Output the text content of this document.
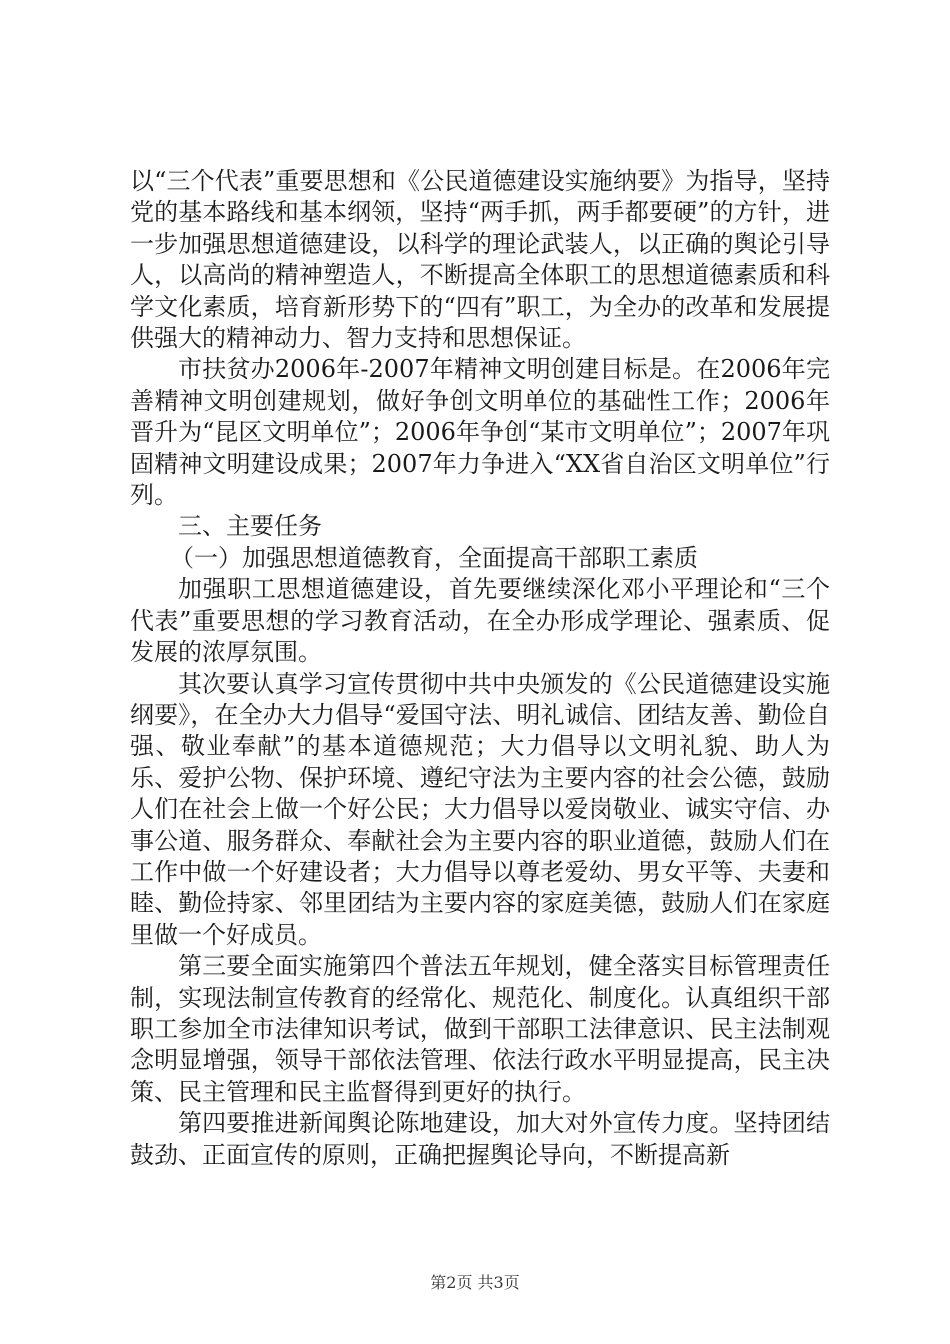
以“三个代表”重要思想和《公民道德建设实施纳要》为指导，坚持党的基本路线和基本纲领，坚持“两手抓，两手都要硬”的方针，进一步加强思想道德建设，以科学的理论武装人，以正确的舆论引导人，以高尚的精神塑造人，不断提高全体职工的思想道德素质和科学文化素质，培育新形势下的“四有”职工，为全办的改革和发展提供强大的精神动力、智力支持和思想保证。

市扶贫办2006年-2007年精神文明创建目标是。在2006年完善精神文明创建规划，做好争创文明单位的基础性工作；2006年晋升为“昆区文明单位”；2006年争创“某市文明单位”；2007年巩固精神文明建设成果；2007年力争进入“XX省自治区文明单位”行列。

三、主要任务

（一）加强思想道德教育，全面提高干部职工素质

加强职工思想道德建设，首先要继续深化邓小平理论和“三个代表”重要思想的学习教育活动，在全办形成学理论、强素质、促发展的浓厚氛围。

其次要认真学习宣传贯彻中共中央颁发的《公民道德建设实施纲要》，在全办大力倡导“爱国守法、明礼诚信、团结友善、勤俭自强、敬业奉献”的基本道德规范；大力倡导以文明礼貌、助人为乐、爱护公物、保护环境、遵纪守法为主要内容的社会公德，鼓励人们在社会上做一个好公民；大力倡导以爱岗敬业、诚实守信、办事公道、服务群众、奉献社会为主要内容的职业道德，鼓励人们在工作中做一个好建设者；大力倡导以尊老爱幼、男女平等、夫妻和睦、勤俭持家、邻里团结为主要内容的家庭美德，鼓励人们在家庭里做一个好成员。

第三要全面实施第四个普法五年规划，健全落实目标管理责任制，实现法制宣传教育的经常化、规范化、制度化。认真组织干部职工参加全市法律知识考试，做到干部职工法律意识、民主法制观念明显增强，领导干部依法管理、依法行政水平明显提高，民主决策、民主管理和民主监督得到更好的执行。

第四要推进新闻舆论陈地建设，加大对外宣传力度。坚持团结鼓劲、正面宣传的原则，正确把握舆论导向，不断提高新

第2页 共3页
